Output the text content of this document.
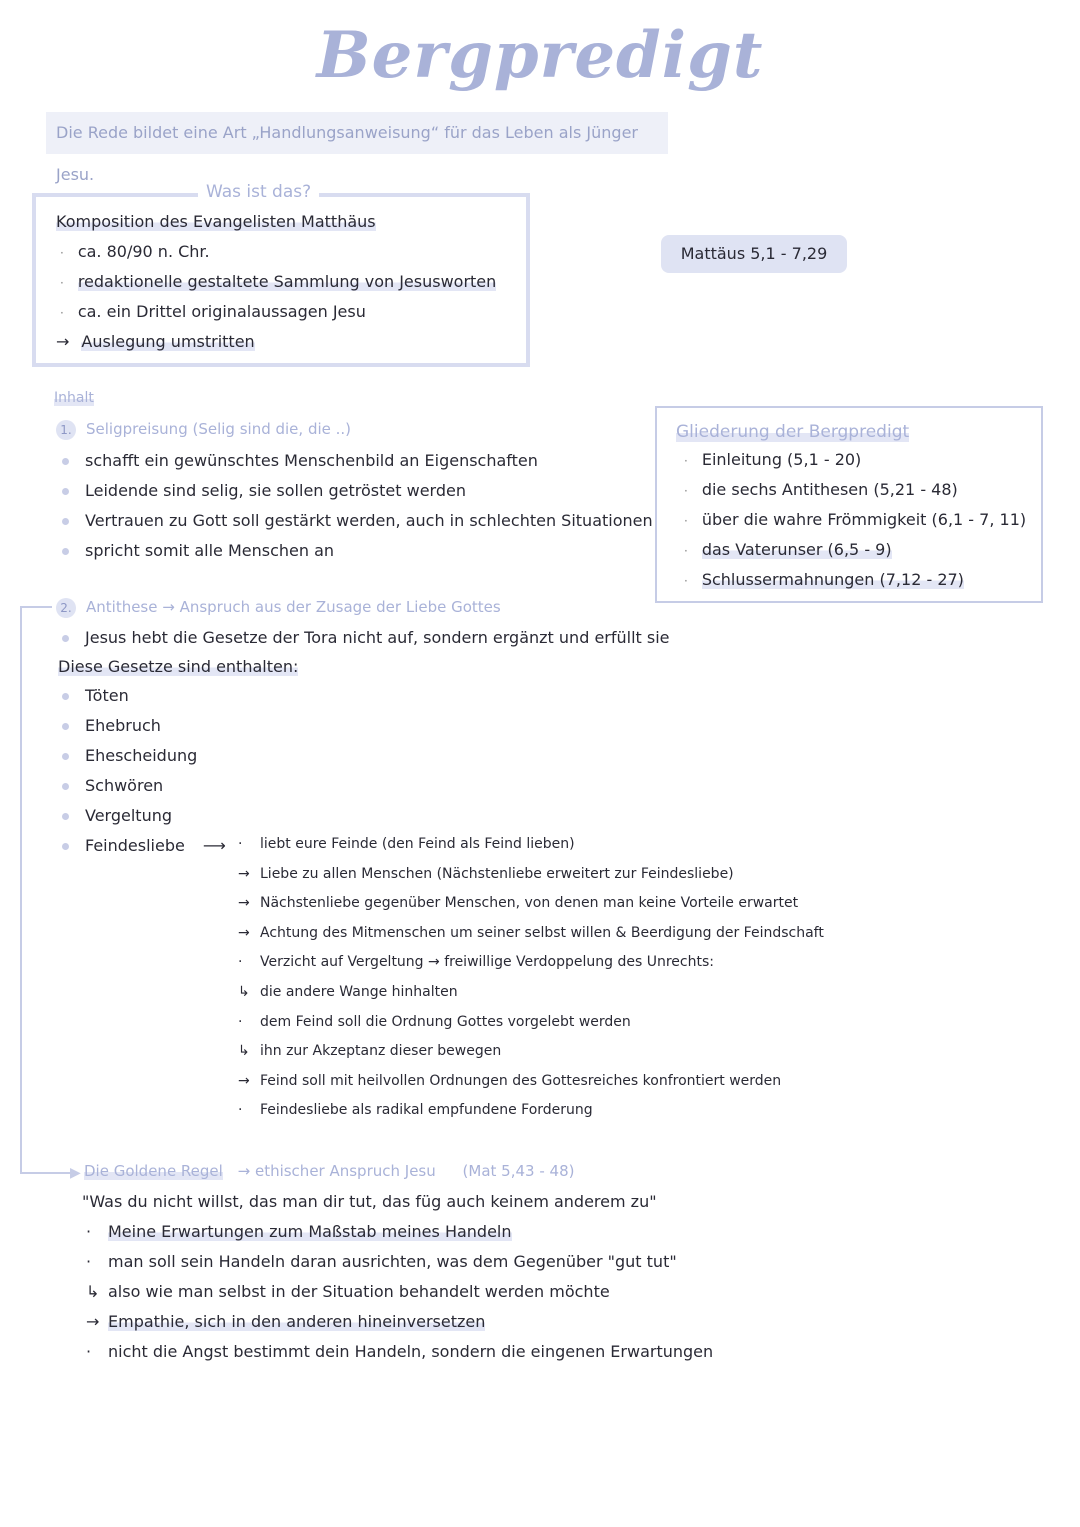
Bergpredigt
Die Rede bildet eine Art „Handlungsanweisung“ für das Leben als Jünger Jesu.
Was ist das?
Komposition des Evangelisten Matthäus
· ca. 80/90 n. Chr.
· redaktionelle gestaltete Sammlung von Jesusworten
· ca. ein Drittel originalaussagen Jesu
→ Auslegung umstritten
Mattäus 5,1 - 7,29
Gliederung der Bergpredigt
· Einleitung (5,1 - 20)
· die sechs Antithesen (5,21 - 48)
· über die wahre Frömmigkeit (6,1 - 7, 11)
· das Vaterunser (6,5 - 9)
· Schlussermahnungen (7,12 - 27)
Inhalt
1. Seligpreisung (Selig sind die, die ..)
schafft ein gewünschtes Menschenbild an Eigenschaften
Leidende sind selig, sie sollen getröstet werden
Vertrauen zu Gott soll gestärkt werden, auch in schlechten Situationen
spricht somit alle Menschen an
▶
2. Antithese → Anspruch aus der Zusage der Liebe Gottes
Jesus hebt die Gesetze der Tora nicht auf, sondern ergänzt und erfüllt sie
Diese Gesetze sind enthalten:
Töten
Ehebruch
Ehescheidung
Schwören
Vergeltung
Feindesliebe ⟶ · liebt eure Feinde (den Feind als Feind lieben)
→ Liebe zu allen Menschen (Nächstenliebe erweitert zur Feindesliebe)
→ Nächstenliebe gegenüber Menschen, von denen man keine Vorteile erwartet
→ Achtung des Mitmenschen um seiner selbst willen & Beerdigung der Feindschaft
· Verzicht auf Vergeltung → freiwillige Verdoppelung des Unrechts:
↳ die andere Wange hinhalten
· dem Feind soll die Ordnung Gottes vorgelebt werden
↳ ihn zur Akzeptanz dieser bewegen
→ Feind soll mit heilvollen Ordnungen des Gottesreiches konfrontiert werden
· Feindesliebe als radikal empfundene Forderung
Die Goldene Regel → ethischer Anspruch Jesu (Mat 5,43 - 48)
"Was du nicht willst, das man dir tut, das füg auch keinem anderem zu"
· Meine Erwartungen zum Maßstab meines Handeln
· man soll sein Handeln daran ausrichten, was dem Gegenüber "gut tut"
↳ also wie man selbst in der Situation behandelt werden möchte
→ Empathie, sich in den anderen hineinversetzen
· nicht die Angst bestimmt dein Handeln, sondern die eingenen Erwartungen
